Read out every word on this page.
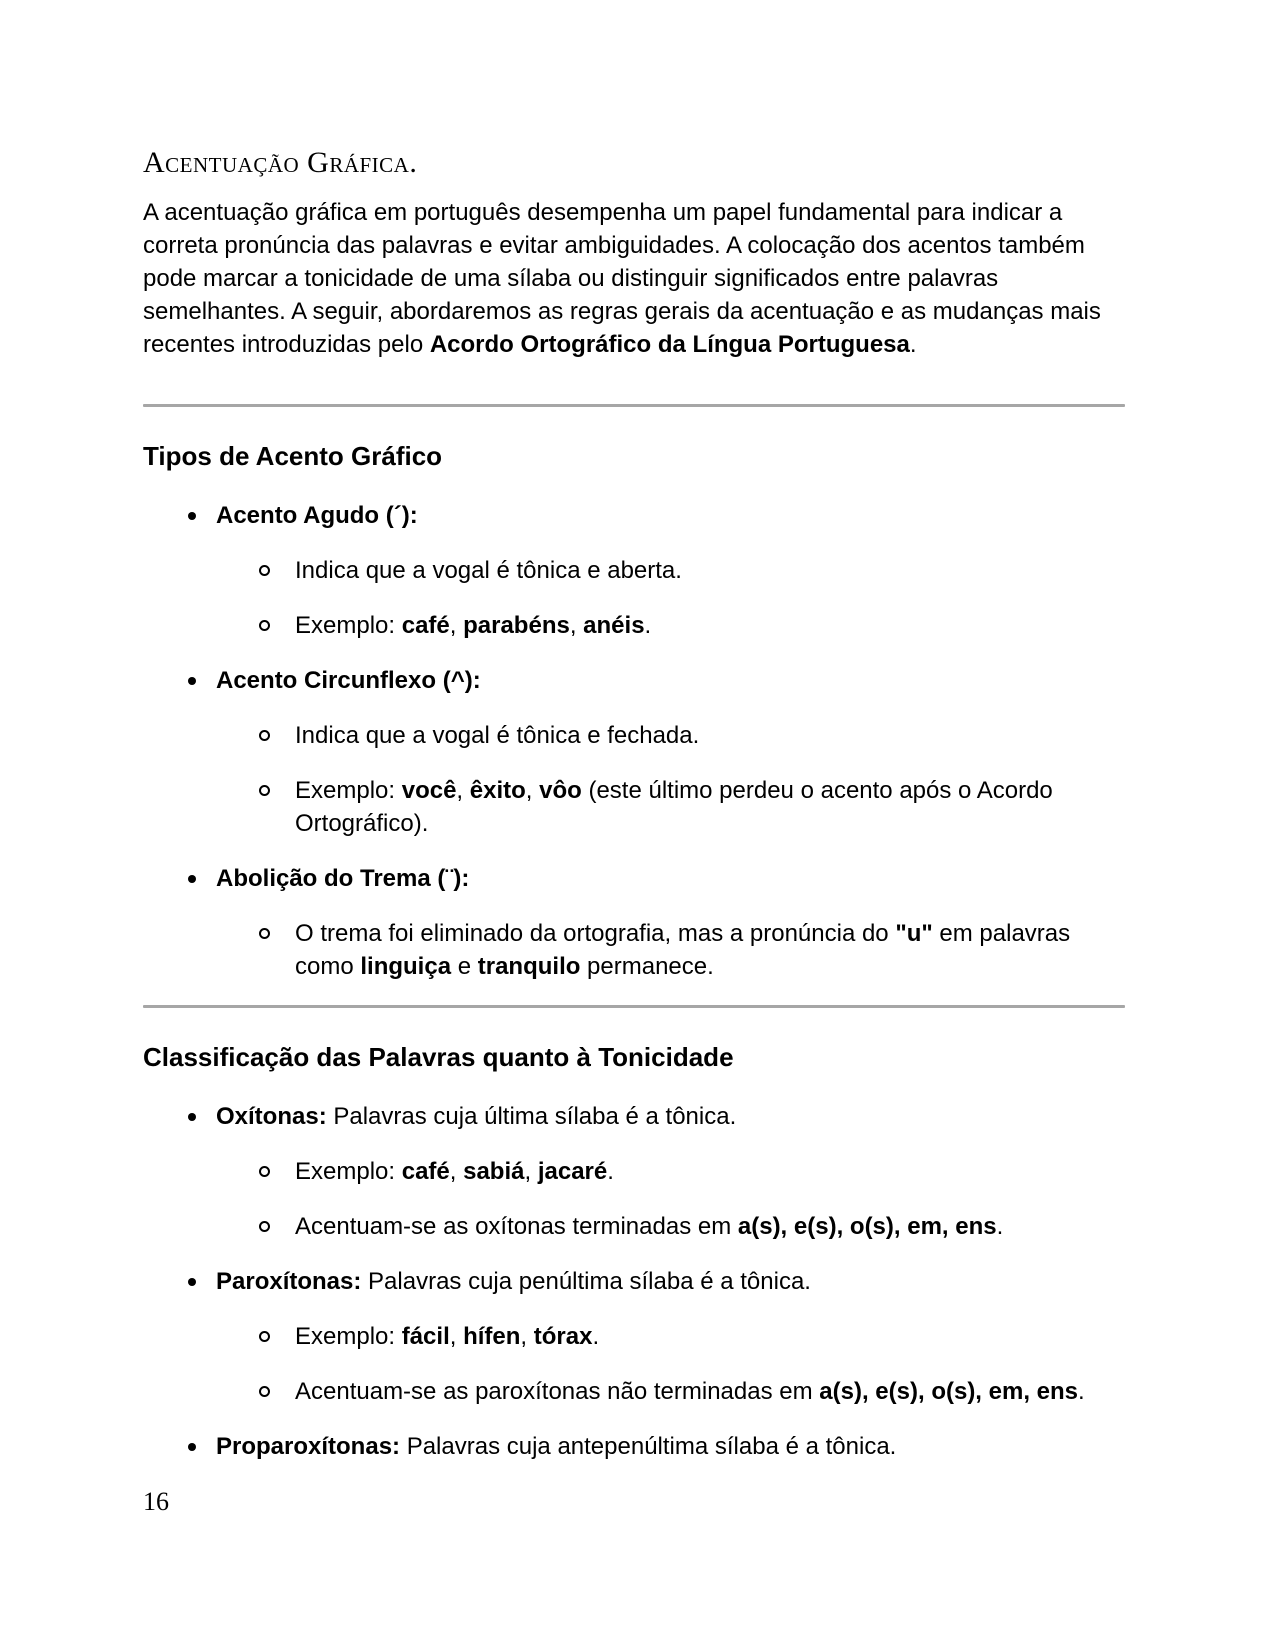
Acentuação Gráfica.

A acentuação gráfica em português desempenha um papel fundamental para indicar a correta pronúncia das palavras e evitar ambiguidades. A colocação dos acentos também pode marcar a tonicidade de uma sílaba ou distinguir significados entre palavras semelhantes. A seguir, abordaremos as regras gerais da acentuação e as mudanças mais recentes introduzidas pelo Acordo Ortográfico da Língua Portuguesa.

Tipos de Acento Gráfico
Acento Agudo (´):
Indica que a vogal é tônica e aberta.
Exemplo: café, parabéns, anéis.
Acento Circunflexo (^):
Indica que a vogal é tônica e fechada.
Exemplo: você, êxito, vôo (este último perdeu o acento após o Acordo Ortográfico).
Abolição do Trema (¨):
O trema foi eliminado da ortografia, mas a pronúncia do "u" em palavras como linguiça e tranquilo permanece.
Classificação das Palavras quanto à Tonicidade
Oxítonas: Palavras cuja última sílaba é a tônica.
Exemplo: café, sabiá, jacaré.
Acentuam-se as oxítonas terminadas em a(s), e(s), o(s), em, ens.
Paroxítonas: Palavras cuja penúltima sílaba é a tônica.
Exemplo: fácil, hífen, tórax.
Acentuam-se as paroxítonas não terminadas em a(s), e(s), o(s), em, ens.
Proparoxítonas: Palavras cuja antepenúltima sílaba é a tônica.
16
